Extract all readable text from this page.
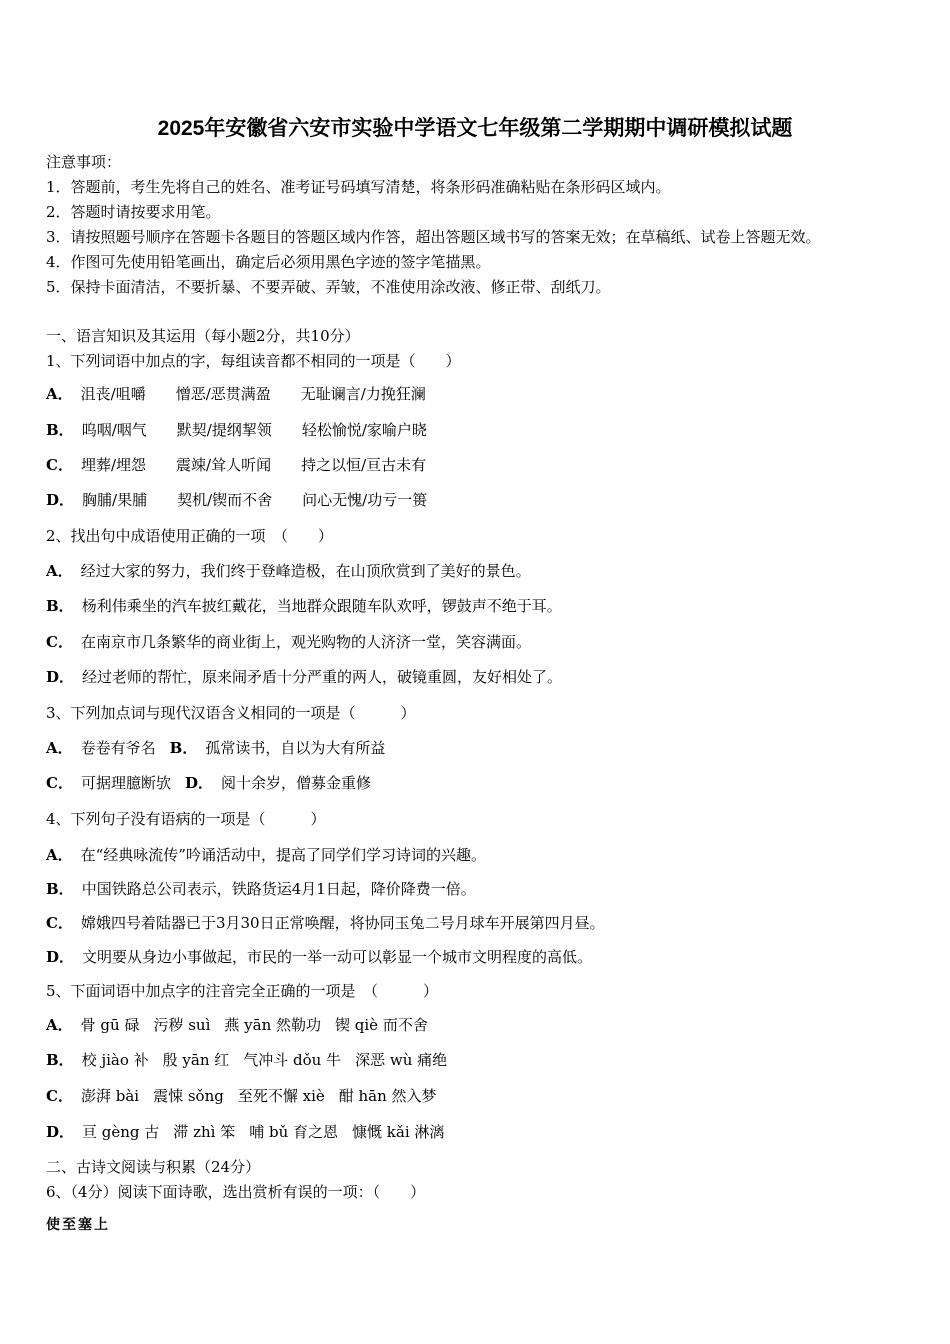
2025年安徽省六安市实验中学语文七年级第二学期期中调研模拟试题
注意事项：
1．答题前，考生先将自己的姓名、准考证号码填写清楚，将条形码准确粘贴在条形码区域内。
2．答题时请按要求用笔。
3．请按照题号顺序在答题卡各题目的答题区域内作答，超出答题区域书写的答案无效；在草稿纸、试卷上答题无效。
4．作图可先使用铅笔画出，确定后必须用黑色字迹的签字笔描黑。
5．保持卡面清洁，不要折暴、不要弄破、弄皱，不准使用涂改液、修正带、刮纸刀。
一、语言知识及其运用（每小题2分，共10分）
1、下列词语中加点的字，每组读音都不相同的一项是（　　）
A． 沮丧/咀嚼 憎恶/恶贯满盈 无耻谰言/力挽狂澜
B． 呜咽/咽气 默契/提纲挈领 轻松愉悦/家喻户晓
C． 埋葬/埋怨 震竦/耸人听闻 持之以恒/亘古未有
D． 胸脯/果脯 契机/锲而不舍 问心无愧/功亏一篑
2、找出句中成语使用正确的一项　（　　）
A． 经过大家的努力，我们终于登峰造极，在山顶欣赏到了美好的景色。
B． 杨利伟乘坐的汽车披红戴花，当地群众跟随车队欢呼，锣鼓声不绝于耳。
C． 在南京市几条繁华的商业街上，观光购物的人济济一堂，笑容满面。
D． 经过老师的帮忙，原来闹矛盾十分严重的两人，破镜重圆，友好相处了。
3、下列加点词与现代汉语含义相同的一项是（　　　）
A． 卷卷有爷名 B． 孤常读书，自以为大有所益
C． 可据理臆断欤 D． 阅十余岁，僧募金重修
4、下列句子没有语病的一项是（　　　）
A． 在“经典咏流传”吟诵活动中，提高了同学们学习诗词的兴趣。
B． 中国铁路总公司表示，铁路货运4月1日起，降价降费一倍。
C． 嫦娥四号着陆器已于3月30日正常唤醒，将协同玉兔二号月球车开展第四月昼。
D． 文明要从身边小事做起，市民的一举一动可以彰显一个城市文明程度的高低。
5、下面词语中加点字的注音完全正确的一项是　（　　　）
A． 骨 gū 碌 污秽 suì 燕 yān 然勒功 锲 qiè 而不舍
B． 校 jiào 补 殷 yān 红 气冲斗 dǒu 牛 深恶 wù 痛绝
C． 澎湃 bài 震悚 sǒng 至死不懈 xiè 酣 hān 然入梦
D． 亘 gèng 古 滞 zhì 笨 哺 bǔ 育之恩 慷慨 kǎi 淋漓
二、古诗文阅读与积累（24分）
6、（4分）阅读下面诗歌，选出赏析有误的一项：（　　）
使至塞上
